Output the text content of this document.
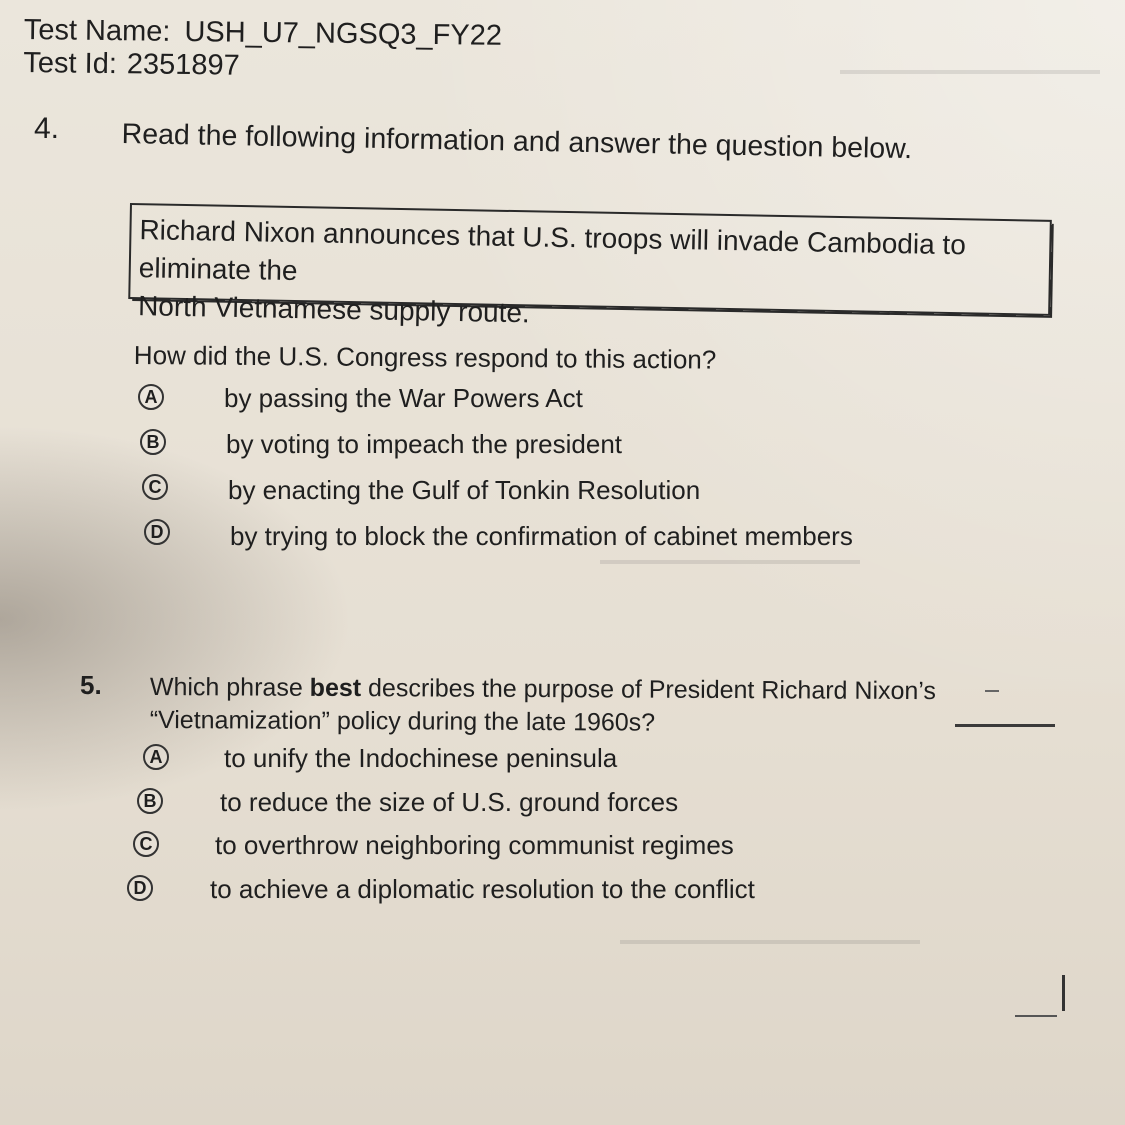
Test Name: USH_U7_NGSQ3_FY22
Test Id: 2351897
4. Read the following information and answer the question below.
Richard Nixon announces that U.S. troops will invade Cambodia to eliminate the
North Vietnamese supply route.
How did the U.S. Congress respond to this action?
A	by passing the War Powers Act
B	by voting to impeach the president
C	by enacting the Gulf of Tonkin Resolution
D	by trying to block the confirmation of cabinet members
5. Which phrase best describes the purpose of President Richard Nixon’s
“Vietnamization” policy during the late 1960s?
A to unify the Indochinese peninsula
B to reduce the size of U.S. ground forces
C to overthrow neighboring communist regimes
D to achieve a diplomatic resolution to the conflict
